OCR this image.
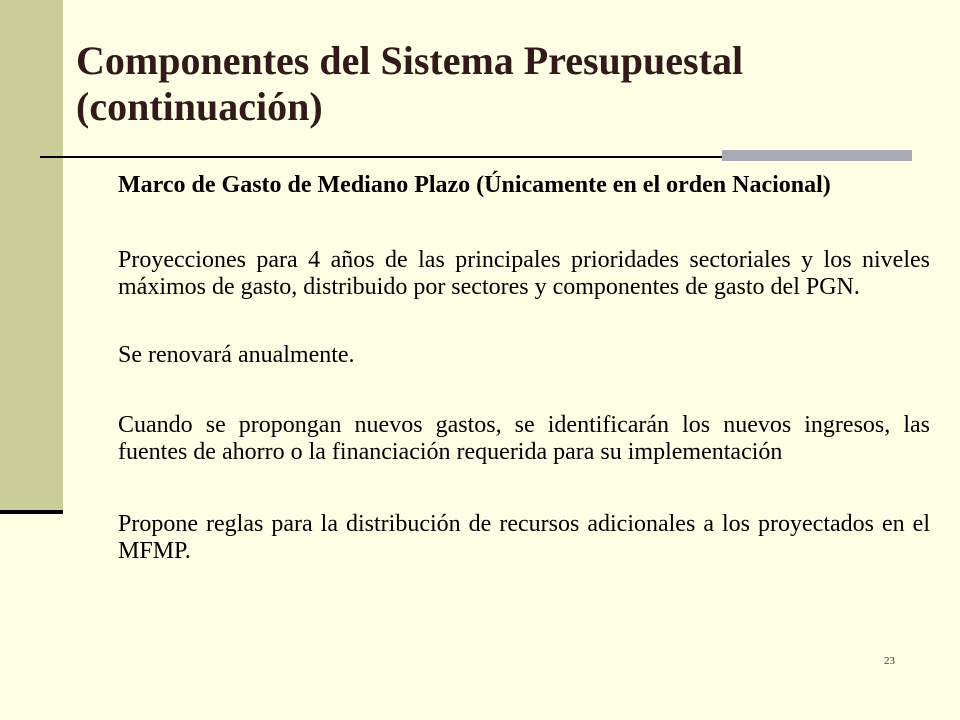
Componentes del Sistema Presupuestal
(continuación)

Marco de Gasto de Mediano Plazo (Únicamente en el orden Nacional)

Proyecciones para 4 años de las principales prioridades sectoriales y los niveles máximos de gasto, distribuido por sectores y componentes de gasto del PGN.

Se renovará anualmente.

Cuando se propongan nuevos gastos, se identificarán los nuevos ingresos, las fuentes de ahorro o la financiación requerida para su implementación

Propone reglas para la distribución de recursos adicionales a los proyectados en el MFMP.

23
